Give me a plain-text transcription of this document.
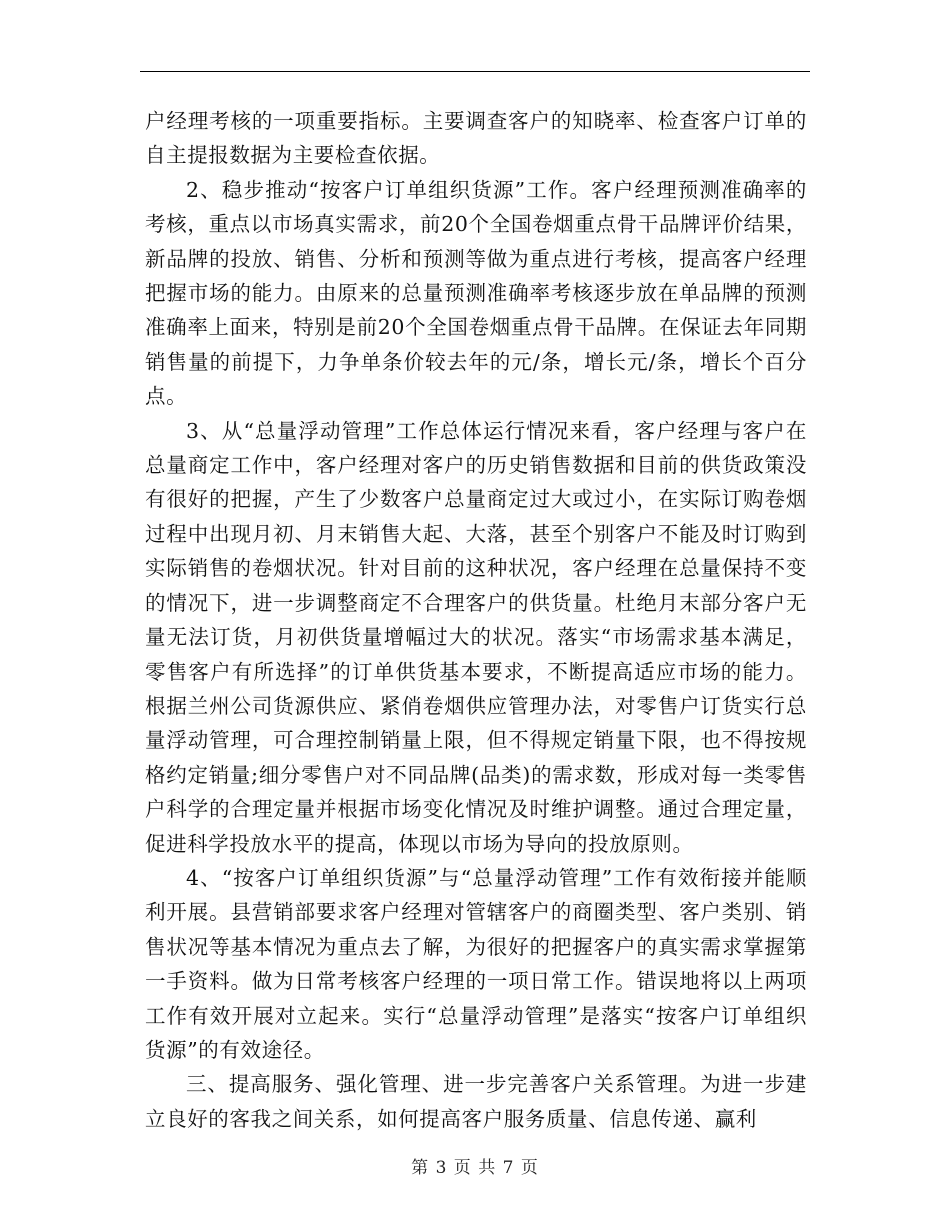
户经理考核的一项重要指标。主要调查客户的知晓率、检查客户订单的自主提报数据为主要检查依据。

2、稳步推动“按客户订单组织货源”工作。客户经理预测准确率的考核，重点以市场真实需求，前20个全国卷烟重点骨干品牌评价结果，新品牌的投放、销售、分析和预测等做为重点进行考核，提高客户经理把握市场的能力。由原来的总量预测准确率考核逐步放在单品牌的预测准确率上面来，特别是前20个全国卷烟重点骨干品牌。在保证去年同期销售量的前提下，力争单条价较去年的元/条，增长元/条，增长个百分点。

3、从“总量浮动管理”工作总体运行情况来看，客户经理与客户在总量商定工作中，客户经理对客户的历史销售数据和目前的供货政策没有很好的把握，产生了少数客户总量商定过大或过小，在实际订购卷烟过程中出现月初、月末销售大起、大落，甚至个别客户不能及时订购到实际销售的卷烟状况。针对目前的这种状况，客户经理在总量保持不变的情况下，进一步调整商定不合理客户的供货量。杜绝月末部分客户无量无法订货，月初供货量增幅过大的状况。落实“市场需求基本满足，零售客户有所选择”的订单供货基本要求，不断提高适应市场的能力。根据兰州公司货源供应、紧俏卷烟供应管理办法，对零售户订货实行总量浮动管理，可合理控制销量上限，但不得规定销量下限，也不得按规格约定销量;细分零售户对不同品牌(品类)的需求数，形成对每一类零售户科学的合理定量并根据市场变化情况及时维护调整。通过合理定量，促进科学投放水平的提高，体现以市场为导向的投放原则。

4、“按客户订单组织货源”与“总量浮动管理”工作有效衔接并能顺利开展。县营销部要求客户经理对管辖客户的商圈类型、客户类别、销售状况等基本情况为重点去了解，为很好的把握客户的真实需求掌握第一手资料。做为日常考核客户经理的一项日常工作。错误地将以上两项工作有效开展对立起来。实行“总量浮动管理”是落实“按客户订单组织货源”的有效途径。

三、提高服务、强化管理、进一步完善客户关系管理。为进一步建立良好的客我之间关系，如何提高客户服务质量、信息传递、赢利

第 3 页 共 7 页
